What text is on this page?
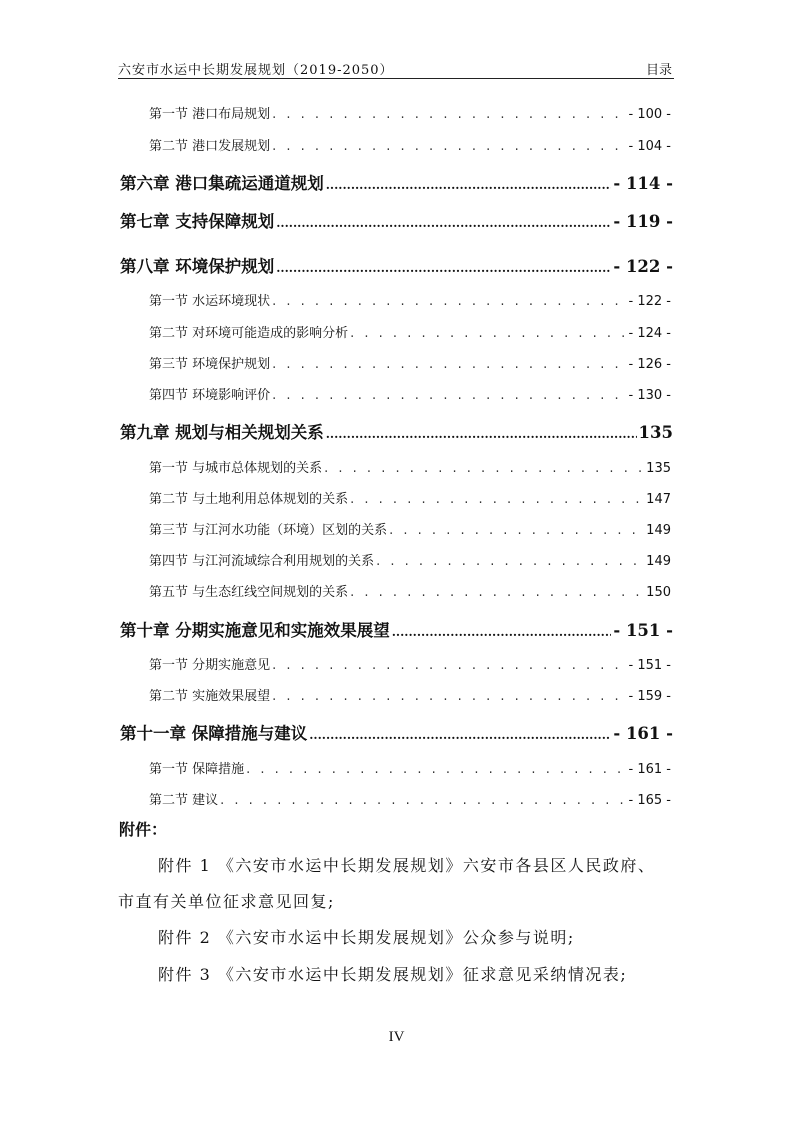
六安市水运中长期发展规划（2019-2050）	目录
第一节 港口布局规划 . . .	- 100 -
第二节 港口发展规划 . . .	- 104 -
第六章 港口集疏运通道规划 .....	- 114 -
第七章 支持保障规划 .....	- 119 -
第八章 环境保护规划 .....	- 122 -
第一节 水运环境现状 . . .	- 122 -
第二节 对环境可能造成的影响分析 . . .	- 124 -
第三节 环境保护规划 . . .	- 126 -
第四节 环境影响评价 . . .	- 130 -
第九章 规划与相关规划关系 .....	135
第一节 与城市总体规划的关系 . . .	135
第二节 与土地利用总体规划的关系 . . .	147
第三节 与江河水功能（环境）区划的关系 . . .	149
第四节 与江河流域综合利用规划的关系 . . .	149
第五节 与生态红线空间规划的关系 . . .	150
第十章 分期实施意见和实施效果展望 .....	- 151 -
第一节 分期实施意见 . . .	- 151 -
第二节 实施效果展望 . . .	- 159 -
第十一章 保障措施与建议 .....	- 161 -
第一节 保障措施 . . .	- 161 -
第二节 建议 . . .	- 165 -
附件：
附件 1 《六安市水运中长期发展规划》六安市各县区人民政府、
市直有关单位征求意见回复;
附件 2 《六安市水运中长期发展规划》公众参与说明;
附件 3 《六安市水运中长期发展规划》征求意见采纳情况表;
IV
